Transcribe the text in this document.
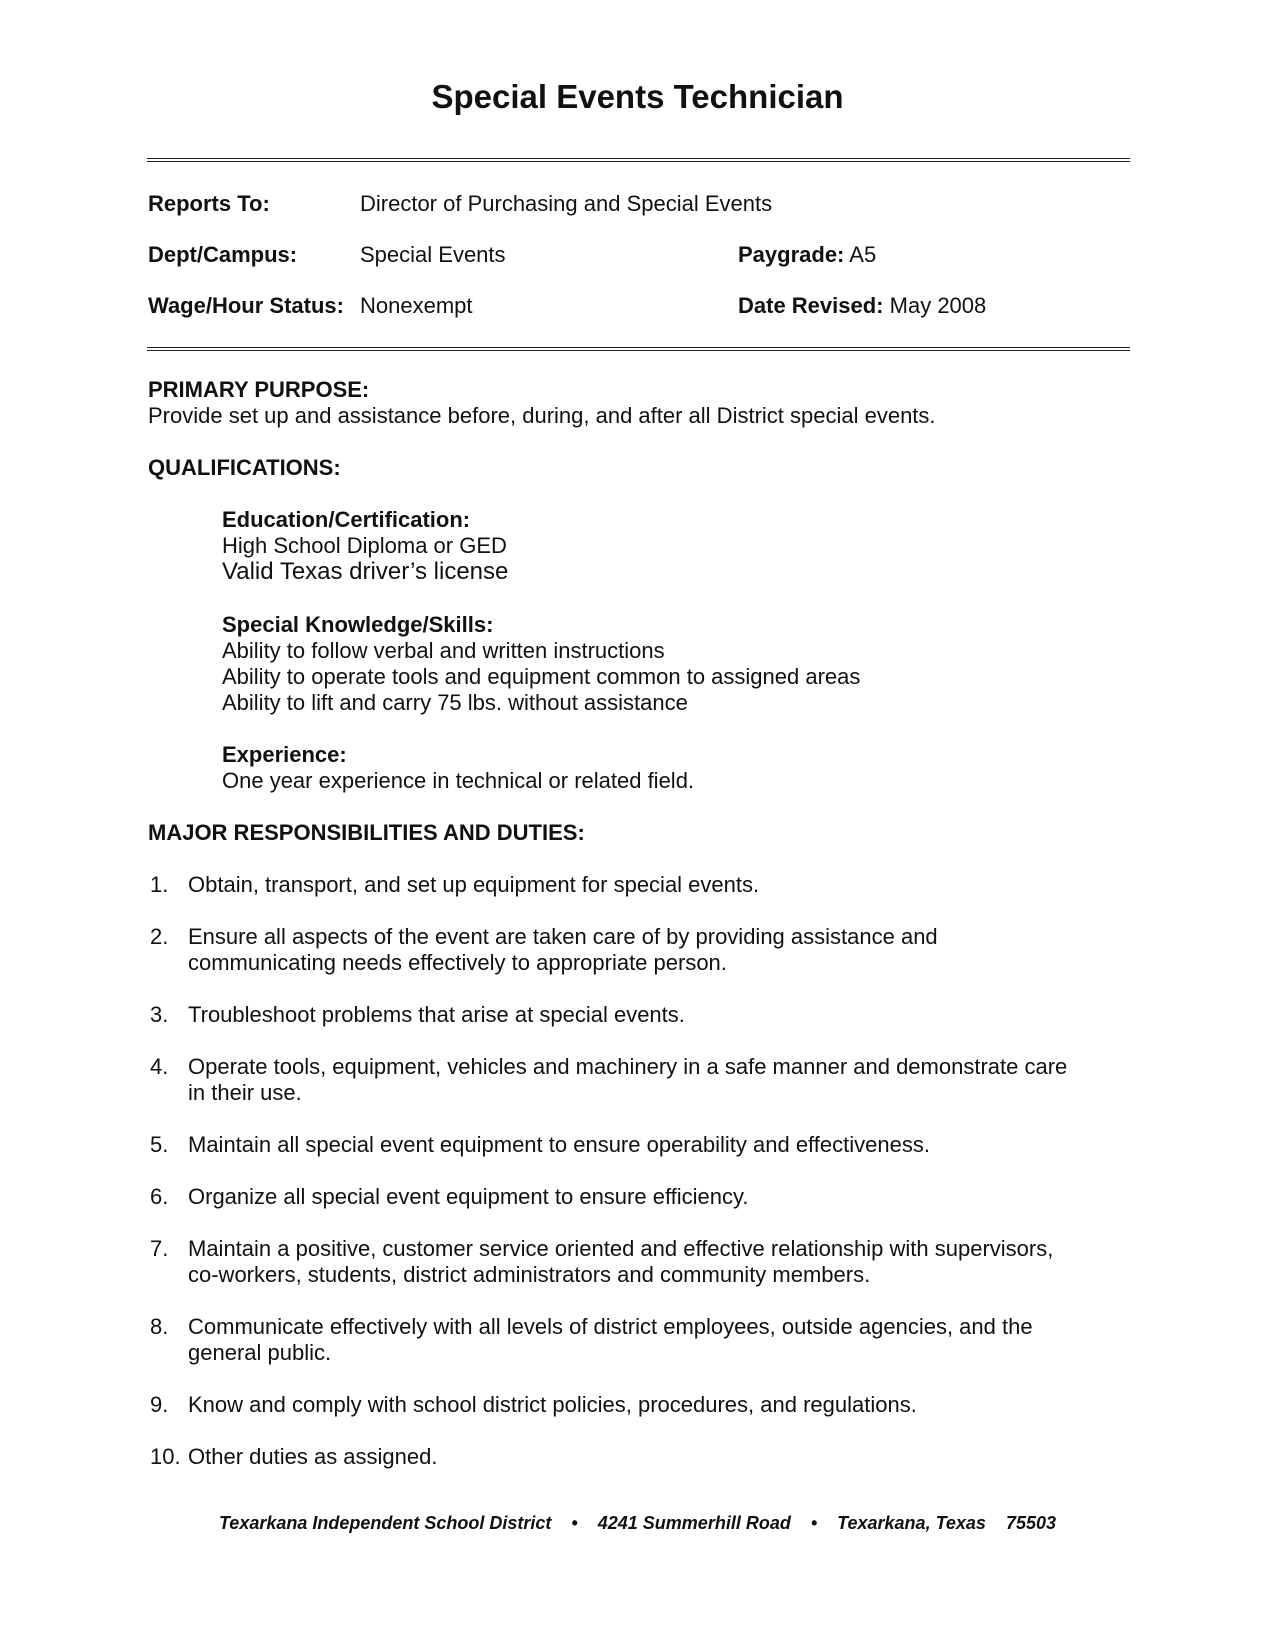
Special Events Technician
Reports To:	Director of Purchasing and Special Events
Dept/Campus:	Special Events	Paygrade: A5
Wage/Hour Status: Nonexempt	Date Revised: May 2008
PRIMARY PURPOSE:
Provide set up and assistance before, during, and after all District special events.
QUALIFICATIONS:
Education/Certification:
High School Diploma or GED
Valid Texas driver’s license
Special Knowledge/Skills:
Ability to follow verbal and written instructions
Ability to operate tools and equipment common to assigned areas
Ability to lift and carry 75 lbs. without assistance
Experience:
One year experience in technical or related field.
MAJOR RESPONSIBILITIES AND DUTIES:
1. Obtain, transport, and set up equipment for special events.
2. Ensure all aspects of the event are taken care of by providing assistance and
communicating needs effectively to appropriate person.
3. Troubleshoot problems that arise at special events.
4. Operate tools, equipment, vehicles and machinery in a safe manner and demonstrate care
in their use.
5. Maintain all special event equipment to ensure operability and effectiveness.
6. Organize all special event equipment to ensure efficiency.
7. Maintain a positive, customer service oriented and effective relationship with supervisors,
co-workers, students, district administrators and community members.
8. Communicate effectively with all levels of district employees, outside agencies, and the
general public.
9. Know and comply with school district policies, procedures, and regulations.
10. Other duties as assigned.
Texarkana Independent School District • 4241 Summerhill Road • Texarkana, Texas 75503
